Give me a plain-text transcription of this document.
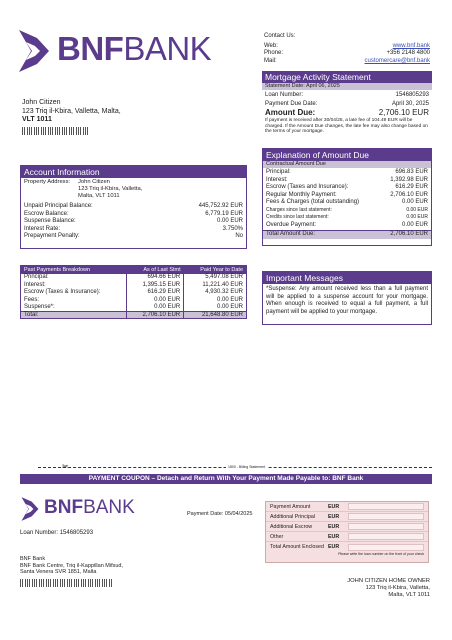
BNFBANK	Contact Us:
Web:	www.bnf.bank
Phone:	+356 2148 4800
Mail:	customercare@bnf.bank
John Citizen
123 Triq il-Kbira, Valletta, Malta,
VLT 1011
Mortgage Activity Statement
Statement Date: April 06, 2025
Loan Number:	1546805293
Payment Due Date:	April 30, 2025
Amount Due:	2,706.10 EUR
If payment is received after 30/04/25, a late fee of 104.49 EUR will be charged. If the Amount Due changes, the late fee may also change based on the terms of your mortgage.
Account Information
Property Address:	John Citizen
123 Triq il-Kbira, Valletta,
Malta, VLT 1011
Unpaid Principal Balance:	445,752.92 EUR
Escrow Balance:	6,779.19 EUR
Suspense Balance:	0.00 EUR
Interest Rate:	3.750%
Prepayment Penalty:	No
Explanation of Amount Due
Contractual Amount Due
Principal:	696.83 EUR
Interest:	1,392.98 EUR
Escrow (Taxes and Insurance):	616.29 EUR
Regular Monthly Payment:	2,706.10 EUR
Fees & Charges (total outstanding)	0.00 EUR
Charges since last statement:	0.00 EUR
Credits since last statement:	0.00 EUR
Overdue Payment:	0.00 EUR
Total Amount Due:	2,706.10 EUR
Past Payments Breakdown	As of Last Stmt	Paid Year to Date
Principal:	694.66 EUR	5,497.08 EUR
Interest:	1,395.15 EUR	11,221.40 EUR
Escrow (Taxes & Insurance):	616.29 EUR	4,930.32 EUR
Fees:	0.00 EUR	0.00 EUR
Suspense*:	0.00 EUR	0.00 EUR
Total:	2,706.10 EUR	21,648.80 EUR
Important Messages
*Suspense: Any amount received less than a full payment will be applied to a suspense account for your mortgage. When enough is received to equal a full payment, a full payment will be applied to your mortgage.
✂	1800 - Billing Statement
PAYMENT COUPON – Detach and Return With Your Payment Made Payable to: BNF Bank
BNFBANK	Payment Date: 05/04/2025
Loan Number: 1546805293
BNF Bank
BNF Bank Centre, Triq il-Kappillan Mifsud,
Santa Venera SVR 1851, Malta
Payment Amount	EUR
Additional Principal	EUR
Additional Escrow	EUR
Other	EUR
Total Amount Enclosed EUR
Please write the loan number on the front of your check
JOHN CITIZEN HOME OWNER
123 Triq il-Kbira, Valletta,
Malta, VLT 1011
